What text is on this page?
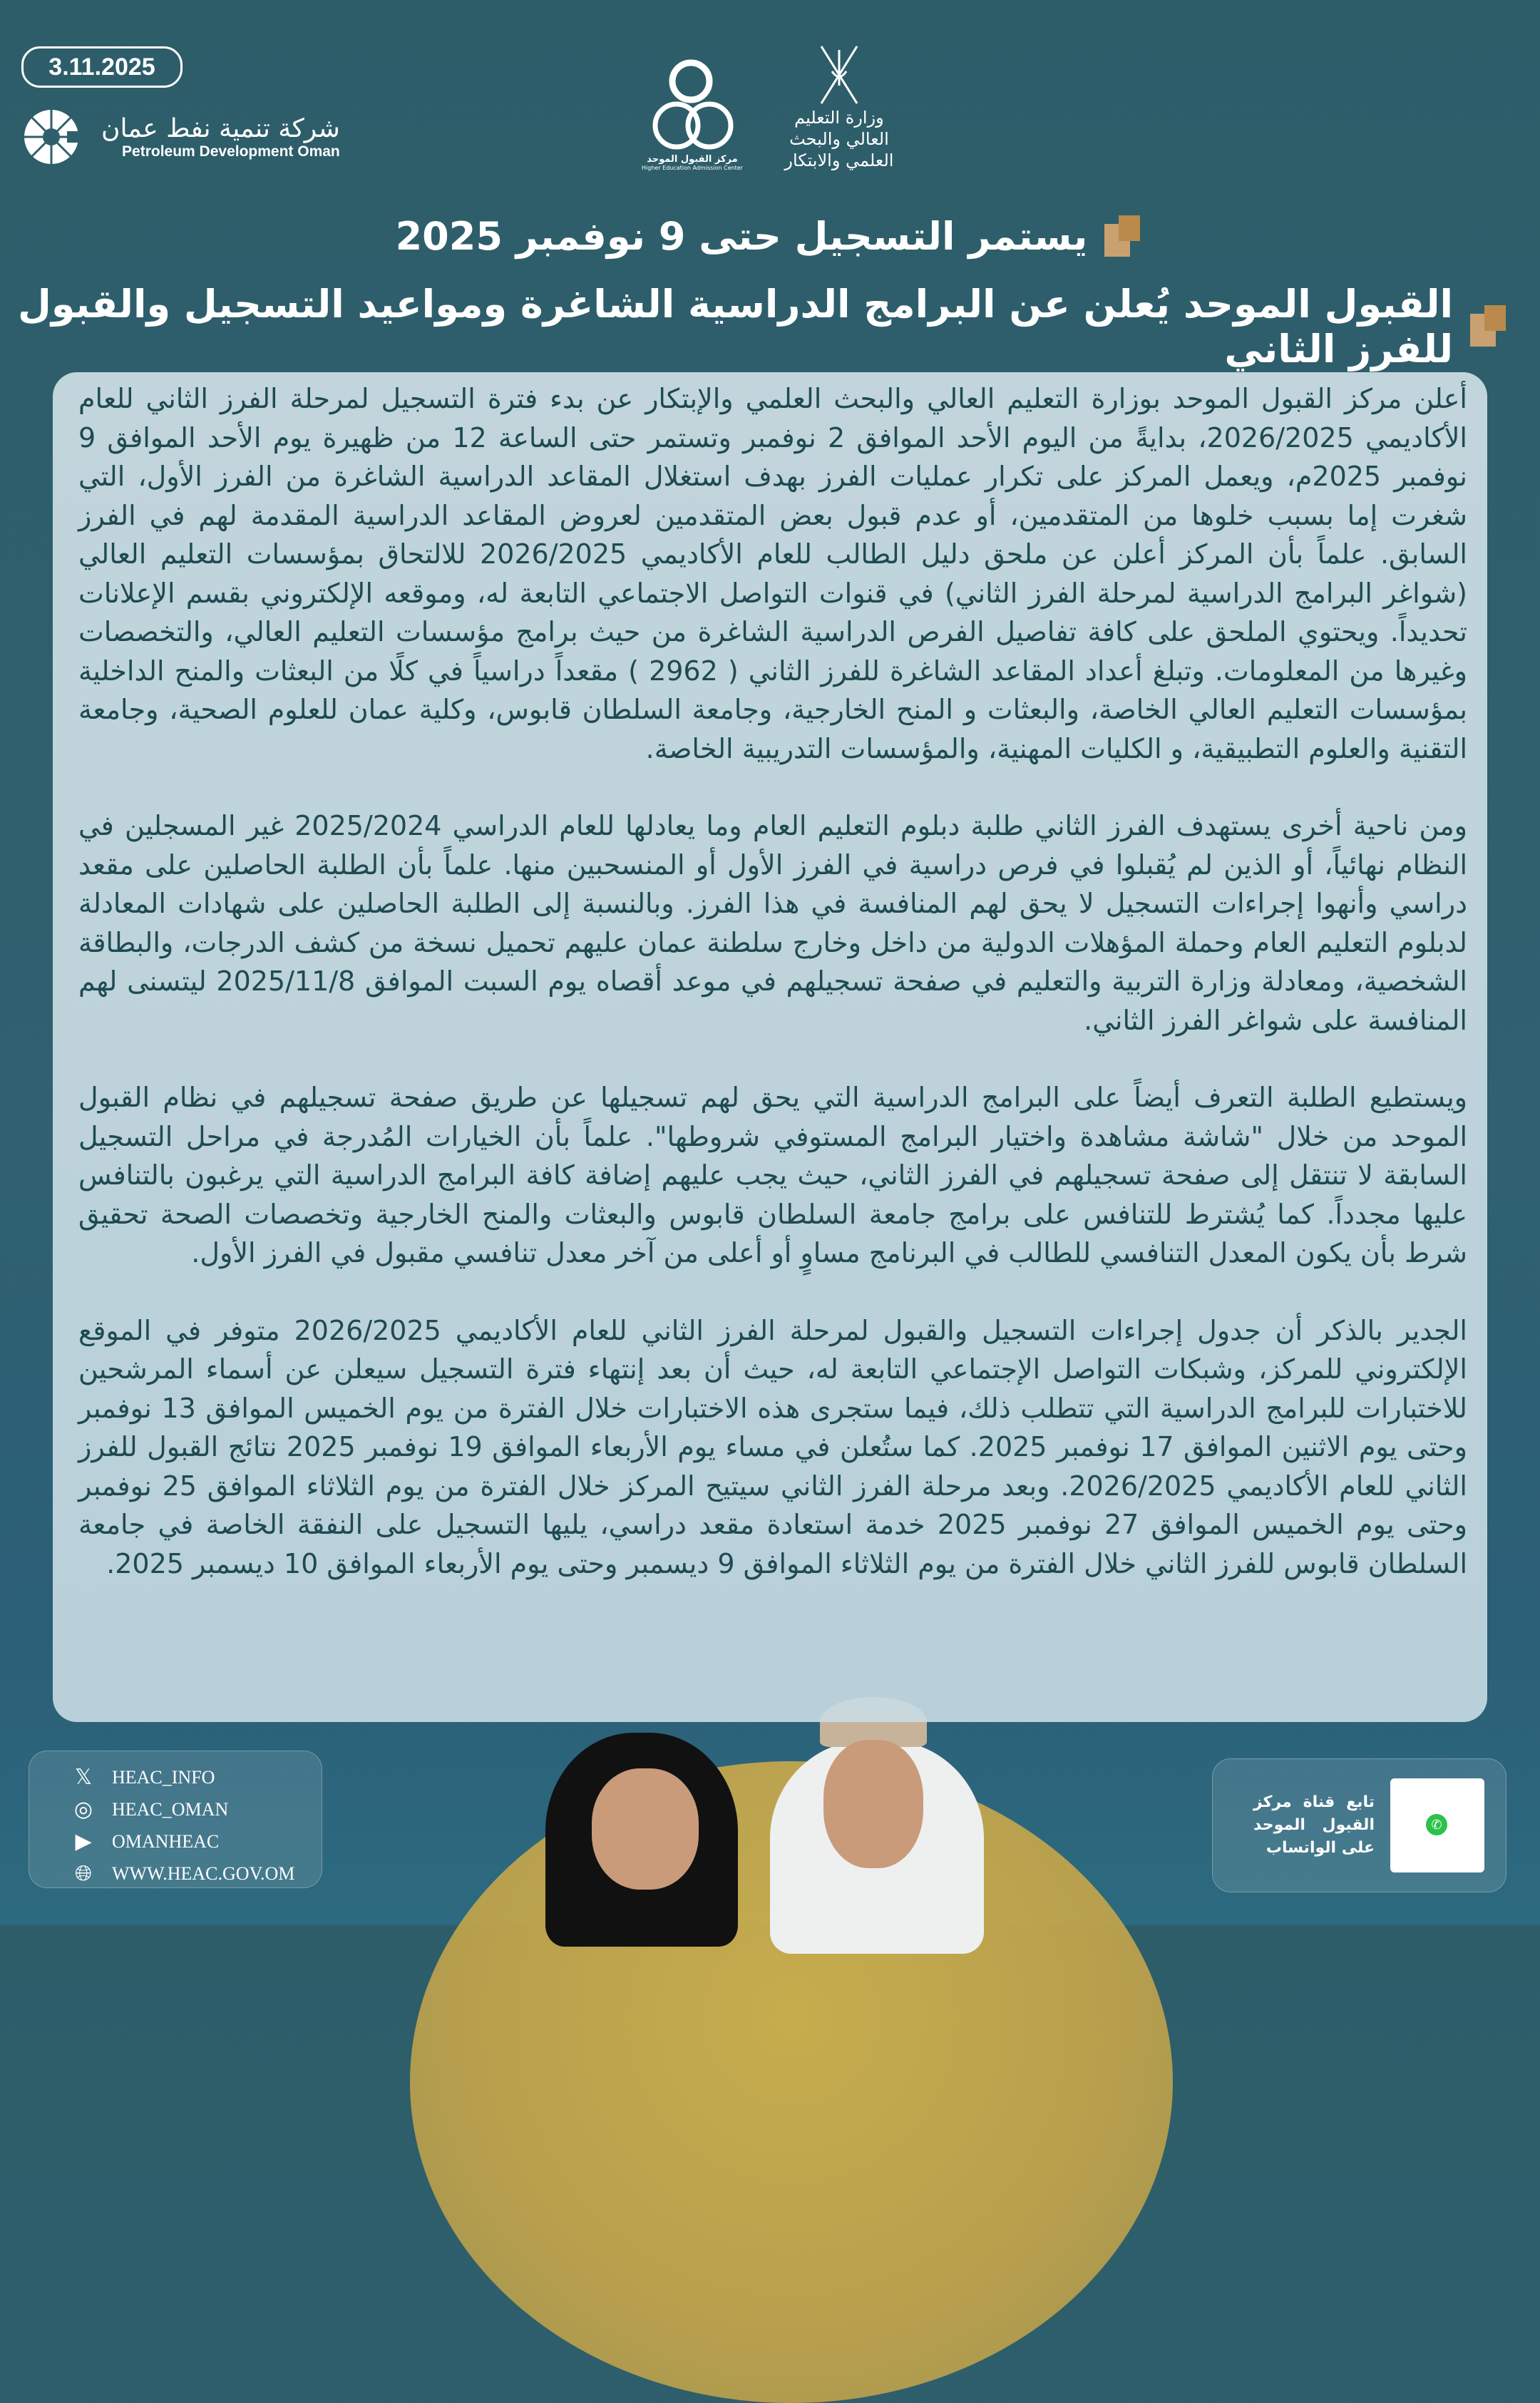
3.11.2025
شركة تنمية نفط عمان
Petroleum Development Oman	مركز القبول الموحد
Higher Education Admission Center
وزارة التعليم العالي والبحث العلمي والابتكار
يستمر التسجيل حتى 9 نوفمبر 2025
القبول الموحد يُعلن عن البرامج الدراسية الشاغرة ومواعيد التسجيل والقبول للفرز الثاني

أعلن مركز القبول الموحد بوزارة التعليم العالي والبحث العلمي والإبتكار عن بدء فترة التسجيل لمرحلة الفرز الثاني للعام الأكاديمي 2026/2025، بدايةً من اليوم الأحد الموافق 2 نوفمبر وتستمر حتى الساعة 12 من ظهيرة يوم الأحد الموافق 9 نوفمبر 2025م، ويعمل المركز على تكرار عمليات الفرز بهدف استغلال المقاعد الدراسية الشاغرة من الفرز الأول، التي شغرت إما بسبب خلوها من المتقدمين، أو عدم قبول بعض المتقدمين لعروض المقاعد الدراسية المقدمة لهم في الفرز السابق. علماً بأن المركز أعلن عن ملحق دليل الطالب للعام الأكاديمي 2026/2025 للالتحاق بمؤسسات التعليم العالي (شواغر البرامج الدراسية لمرحلة الفرز الثاني) في قنوات التواصل الاجتماعي التابعة له، وموقعه الإلكتروني بقسم الإعلانات تحديداً. ويحتوي الملحق على كافة تفاصيل الفرص الدراسية الشاغرة من حيث برامج مؤسسات التعليم العالي، والتخصصات وغيرها من المعلومات. وتبلغ أعداد المقاعد الشاغرة للفرز الثاني ( 2962 ) مقعداً دراسياً في كلًا من البعثات والمنح الداخلية بمؤسسات التعليم العالي الخاصة، والبعثات و المنح الخارجية، وجامعة السلطان قابوس، وكلية عمان للعلوم الصحية، وجامعة التقنية والعلوم التطبيقية، و الكليات المهنية، والمؤسسات التدريبية الخاصة.

ومن ناحية أخرى يستهدف الفرز الثاني طلبة دبلوم التعليم العام وما يعادلها للعام الدراسي 2025/2024 غير المسجلين في النظام نهائياً، أو الذين لم يُقبلوا في فرص دراسية في الفرز الأول أو المنسحبين منها. علماً بأن الطلبة الحاصلين على مقعد دراسي وأنهوا إجراءات التسجيل لا يحق لهم المنافسة في هذا الفرز. وبالنسبة إلى الطلبة الحاصلين على شهادات المعادلة لدبلوم التعليم العام وحملة المؤهلات الدولية من داخل وخارج سلطنة عمان عليهم تحميل نسخة من كشف الدرجات، والبطاقة الشخصية، ومعادلة وزارة التربية والتعليم في صفحة تسجيلهم في موعد أقصاه يوم السبت الموافق 2025/11/8 ليتسنى لهم المنافسة على شواغر الفرز الثاني.

ويستطيع الطلبة التعرف أيضاً على البرامج الدراسية التي يحق لهم تسجيلها عن طريق صفحة تسجيلهم في نظام القبول الموحد من خلال "شاشة مشاهدة واختيار البرامج المستوفي شروطها". علماً بأن الخيارات المُدرجة في مراحل التسجيل السابقة لا تنتقل إلى صفحة تسجيلهم في الفرز الثاني، حيث يجب عليهم إضافة كافة البرامج الدراسية التي يرغبون بالتنافس عليها مجدداً. كما يُشترط للتنافس على برامج جامعة السلطان قابوس والبعثات والمنح الخارجية وتخصصات الصحة تحقيق شرط بأن يكون المعدل التنافسي للطالب في البرنامج مساوٍ أو أعلى من آخر معدل تنافسي مقبول في الفرز الأول.

الجدير بالذكر أن جدول إجراءات التسجيل والقبول لمرحلة الفرز الثاني للعام الأكاديمي 2026/2025 متوفر في الموقع الإلكتروني للمركز، وشبكات التواصل الإجتماعي التابعة له، حيث أن بعد إنتهاء فترة التسجيل سيعلن عن أسماء المرشحين للاختبارات للبرامج الدراسية التي تتطلب ذلك، فيما ستجرى هذه الاختبارات خلال الفترة من يوم الخميس الموافق 13 نوفمبر وحتى يوم الاثنين الموافق 17 نوفمبر 2025. كما ستُعلن في مساء يوم الأربعاء الموافق 19 نوفمبر 2025 نتائج القبول للفرز الثاني للعام الأكاديمي 2026/2025. وبعد مرحلة الفرز الثاني سيتيح المركز خلال الفترة من يوم الثلاثاء الموافق 25 نوفمبر وحتى يوم الخميس الموافق 27 نوفمبر 2025 خدمة استعادة مقعد دراسي، يليها التسجيل على النفقة الخاصة في جامعة السلطان قابوس للفرز الثاني خلال الفترة من يوم الثلاثاء الموافق 9 ديسمبر وحتى يوم الأربعاء الموافق 10 ديسمبر 2025.

𝕏 HEAC_INFO
◎ HEAC_OMAN
▶ OMANHEAC
🌐︎ WWW.HEAC.GOV.OM
تابع قناة مركز القبول الموحد على الواتساب
✆
